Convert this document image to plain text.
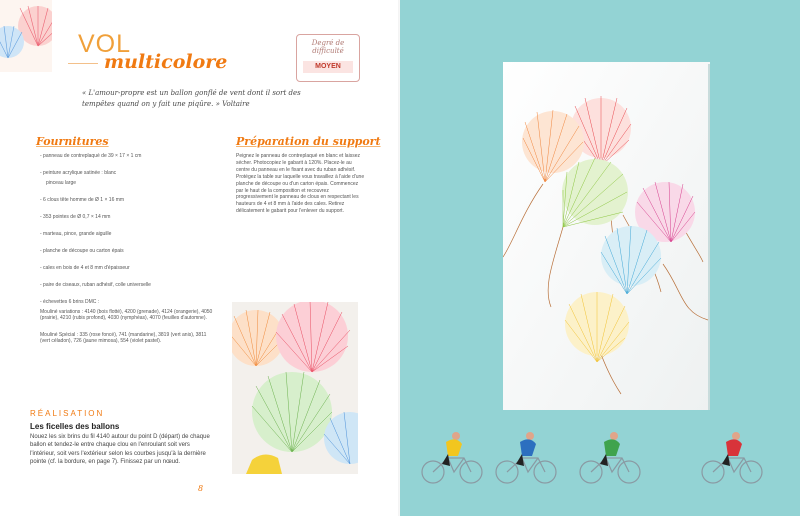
VOL
multicolore
Degré de difficulté
MOYEN
« L'amour-propre est un ballon gonflé de vent dont il sort des tempêtes quand on y fait une piqûre. » Voltaire
Fournitures
- panneau de contreplaqué de 39 × 17 × 1 cm
- peinture acrylique satinée : blanc
pinceau large
- 6 clous tête homme de Ø 1 × 16 mm
- 353 pointes de Ø 0,7 × 14 mm
- marteau, pince, grande aiguille
- planche de découpe ou carton épais
- cales en bois de 4 et 8 mm d'épaisseur
- paire de ciseaux, ruban adhésif, colle universelle
- échevettes 6 brins DMC :
Mouliné variations : 4140 (bois flotté), 4200 (grenade), 4124 (orangerie), 4050 (prairie), 4210 (rubis profond), 4030 (nymphéas), 4070 (feuilles d'automne).
Mouliné Spécial : 335 (rose foncé), 741 (mandarine), 3819 (vert anis), 3811 (vert céladon), 726 (jaune mimosa), 554 (violet pastel).
Préparation du support
Peignez le panneau de contreplaqué en blanc et laissez sécher. Photocopiez le gabarit à 120%. Placez-le au centre du panneau en le fixant avec du ruban adhésif. Protégez la table sur laquelle vous travaillez à l'aide d'une planche de découpe ou d'un carton épais. Commencez par le haut de la composition et recouvrez progressivement le panneau de clous en respectant les hauteurs de 4 et 8 mm à l'aide des cales. Retirez délicatement le gabarit pour l'enlever du support.
RÉALISATION
Les ficelles des ballons
Nouez les six brins du fil 4140 autour du point D (départ) de chaque ballon et tendez-le entre chaque clou en l'enroulant soit vers l'intérieur, soit vers l'extérieur selon les courbes jusqu'à la dernière pointe (cf. la bordure, en page 7). Finissez par un nœud.
8
